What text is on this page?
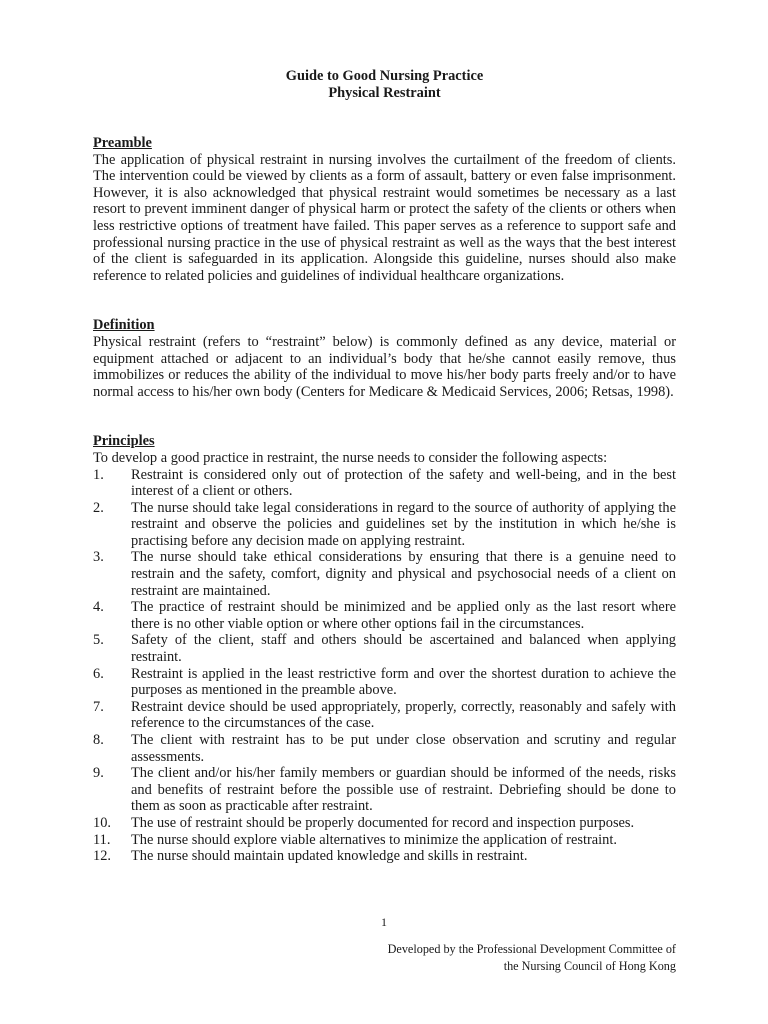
Guide to Good Nursing Practice
Physical Restraint
Preamble

The application of physical restraint in nursing involves the curtailment of the freedom of clients. The intervention could be viewed by clients as a form of assault, battery or even false imprisonment. However, it is also acknowledged that physical restraint would sometimes be necessary as a last resort to prevent imminent danger of physical harm or protect the safety of the clients or others when less restrictive options of treatment have failed. This paper serves as a reference to support safe and professional nursing practice in the use of physical restraint as well as the ways that the best interest of the client is safeguarded in its application. Alongside this guideline, nurses should also make reference to related policies and guidelines of individual healthcare organizations.

Definition

Physical restraint (refers to “restraint” below) is commonly defined as any device, material or equipment attached or adjacent to an individual’s body that he/she cannot easily remove, thus immobilizes or reduces the ability of the individual to move his/her body parts freely and/or to have normal access to his/her own body (Centers for Medicare & Medicaid Services, 2006; Retsas, 1998).

Principles

To develop a good practice in restraint, the nurse needs to consider the following aspects:

1. Restraint is considered only out of protection of the safety and well-being, and in the best interest of a client or others.
2. The nurse should take legal considerations in regard to the source of authority of applying the restraint and observe the policies and guidelines set by the institution in which he/she is practising before any decision made on applying restraint.
3. The nurse should take ethical considerations by ensuring that there is a genuine need to restrain and the safety, comfort, dignity and physical and psychosocial needs of a client on restraint are maintained.
4. The practice of restraint should be minimized and be applied only as the last resort where there is no other viable option or where other options fail in the circumstances.
5. Safety of the client, staff and others should be ascertained and balanced when applying restraint.
6. Restraint is applied in the least restrictive form and over the shortest duration to achieve the purposes as mentioned in the preamble above.
7. Restraint device should be used appropriately, properly, correctly, reasonably and safely with reference to the circumstances of the case.
8. The client with restraint has to be put under close observation and scrutiny and regular assessments.
9. The client and/or his/her family members or guardian should be informed of the needs, risks and benefits of restraint before the possible use of restraint. Debriefing should be done to them as soon as practicable after restraint.
10. The use of restraint should be properly documented for record and inspection purposes.
11. The nurse should explore viable alternatives to minimize the application of restraint.
12. The nurse should maintain updated knowledge and skills in restraint.
1
Developed by the Professional Development Committee of
the Nursing Council of Hong Kong
